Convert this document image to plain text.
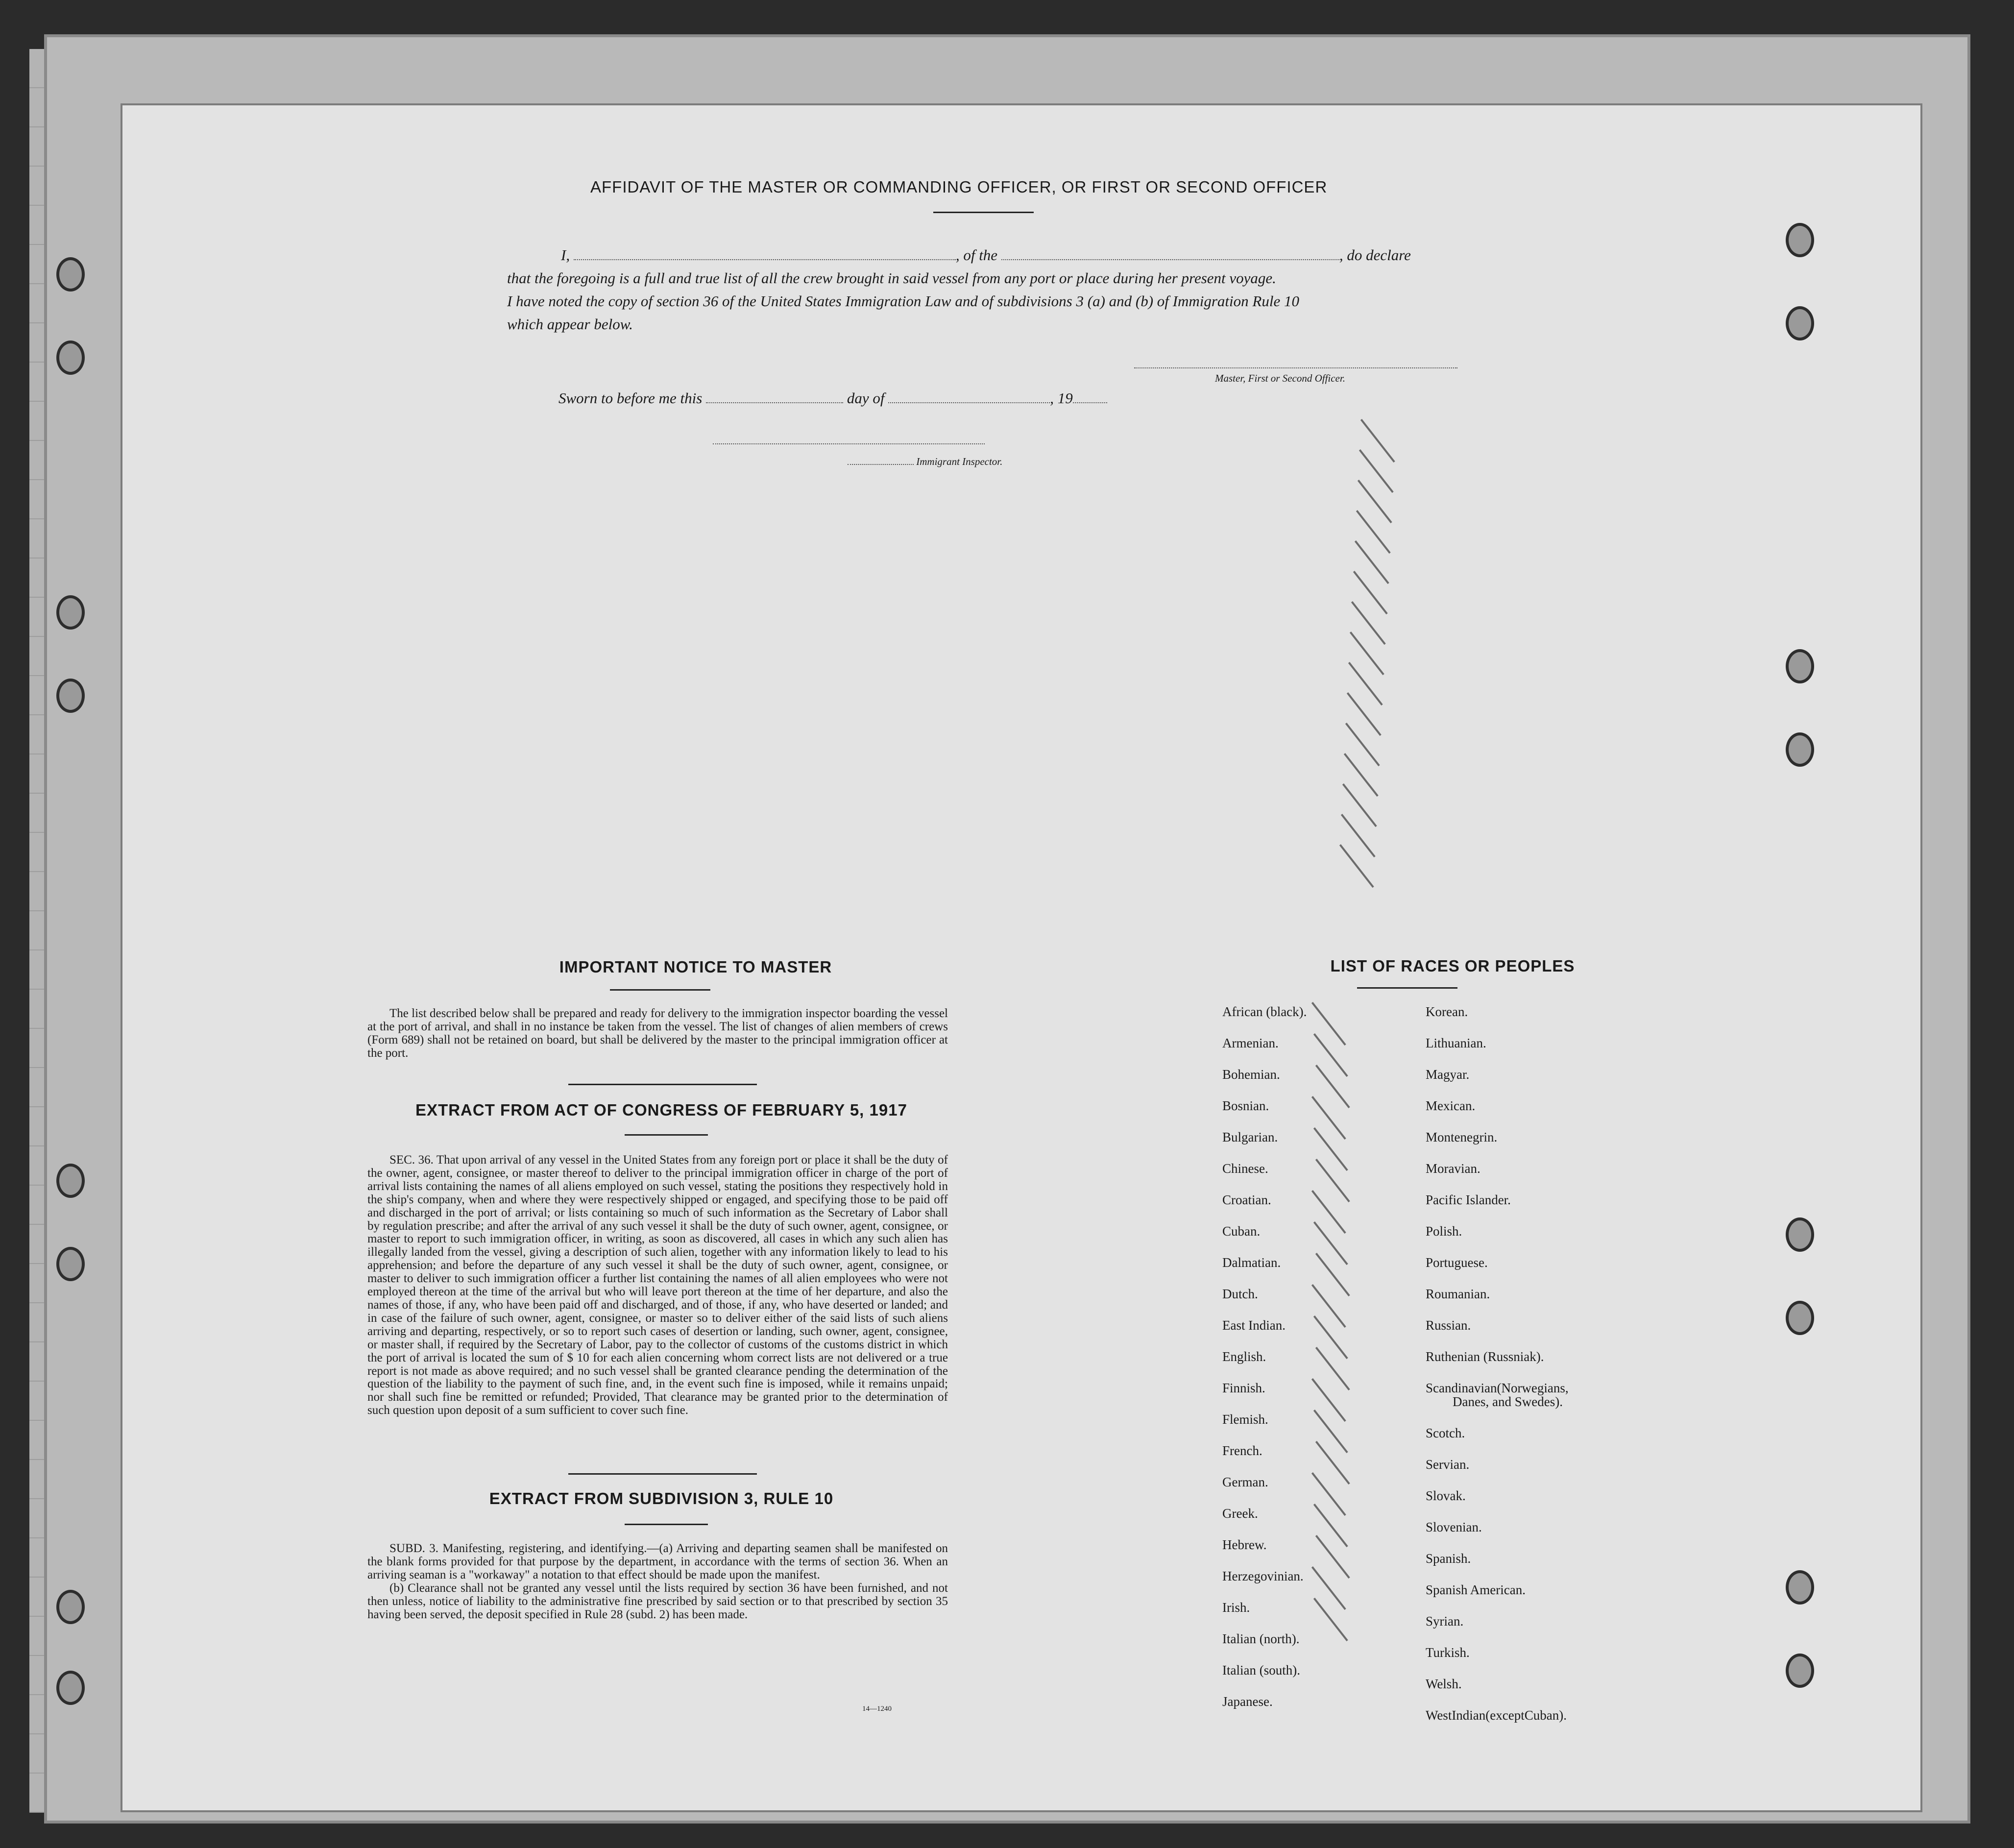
AFFIDAVIT OF THE MASTER OR COMMANDING OFFICER, OR FIRST OR SECOND OFFICER
I,	, of the	, do declare
that the foregoing is a full and true list of all the crew brought in said vessel from any port or place during her present voyage.
I have noted the copy of section 36 of the United States Immigration Law and of subdivisions 3 (a) and (b) of Immigration Rule 10
which appear below.
Master, First or Second Officer.
Sworn to before me this	day of	, 19
Immigrant Inspector.
IMPORTANT NOTICE TO MASTER

The list described below shall be prepared and ready for delivery to the immigration inspector boarding the vessel at the port of arrival, and shall in no instance be taken from the vessel. The list of changes of alien members of crews (Form 689) shall not be retained on board, but shall be delivered by the master to the principal immigration officer at the port.

EXTRACT FROM ACT OF CONGRESS OF FEBRUARY 5, 1917

SEC. 36. That upon arrival of any vessel in the United States from any foreign port or place it shall be the duty of the owner, agent, consignee, or master thereof to deliver to the principal immigration officer in charge of the port of arrival lists containing the names of all aliens employed on such vessel, stating the positions they respectively hold in the ship's company, when and where they were respectively shipped or engaged, and specifying those to be paid off and discharged in the port of arrival; or lists containing so much of such information as the Secretary of Labor shall by regulation prescribe; and after the arrival of any such vessel it shall be the duty of such owner, agent, consignee, or master to report to such immigration officer, in writing, as soon as discovered, all cases in which any such alien has illegally landed from the vessel, giving a description of such alien, together with any information likely to lead to his apprehension; and before the departure of any such vessel it shall be the duty of such owner, agent, consignee, or master to deliver to such immigration officer a further list containing the names of all alien employees who were not employed thereon at the time of the arrival but who will leave port thereon at the time of her departure, and also the names of those, if any, who have been paid off and discharged, and of those, if any, who have deserted or landed; and in case of the failure of such owner, agent, consignee, or master so to deliver either of the said lists of such aliens arriving and departing, respectively, or so to report such cases of desertion or landing, such owner, agent, consignee, or master shall, if required by the Secretary of Labor, pay to the collector of customs of the customs district in which the port of arrival is located the sum of $ 10 for each alien concerning whom correct lists are not delivered or a true report is not made as above required; and no such vessel shall be granted clearance pending the determination of the question of the liability to the payment of such fine, and, in the event such fine is imposed, while it remains unpaid; nor shall such fine be remitted or refunded; Provided, That clearance may be granted prior to the determination of such question upon deposit of a sum sufficient to cover such fine.

EXTRACT FROM SUBDIVISION 3, RULE 10

SUBD. 3. Manifesting, registering, and identifying.—(a) Arriving and departing seamen shall be manifested on the blank forms provided for that purpose by the department, in accordance with the terms of section 36. When an arriving seaman is a "workaway" a notation to that effect should be made upon the manifest.

(b) Clearance shall not be granted any vessel until the lists required by section 36 have been furnished, and not then unless, notice of liability to the administrative fine prescribed by said section or to that prescribed by section 35 having been served, the deposit specified in Rule 28 (subd. 2) has been made.

14—1240
LIST OF RACES OR PEOPLES
African (black).
Armenian.
Bohemian.
Bosnian.
Bulgarian.
Chinese.
Croatian.
Cuban.
Dalmatian.
Dutch.
East Indian.
English.
Finnish.
Flemish.
French.
German.
Greek.
Hebrew.
Herzegovinian.
Irish.
Italian (north).
Italian (south).
Japanese.
Korean.
Lithuanian.
Magyar.
Mexican.
Montenegrin.
Moravian.
Pacific Islander.
Polish.
Portuguese.
Roumanian.
Russian.
Ruthenian (Russniak).
Scandinavian(Norwegians,
Danes, and Swedes).
Scotch.
Servian.
Slovak.
Slovenian.
Spanish.
Spanish American.
Syrian.
Turkish.
Welsh.
WestIndian(exceptCuban).
